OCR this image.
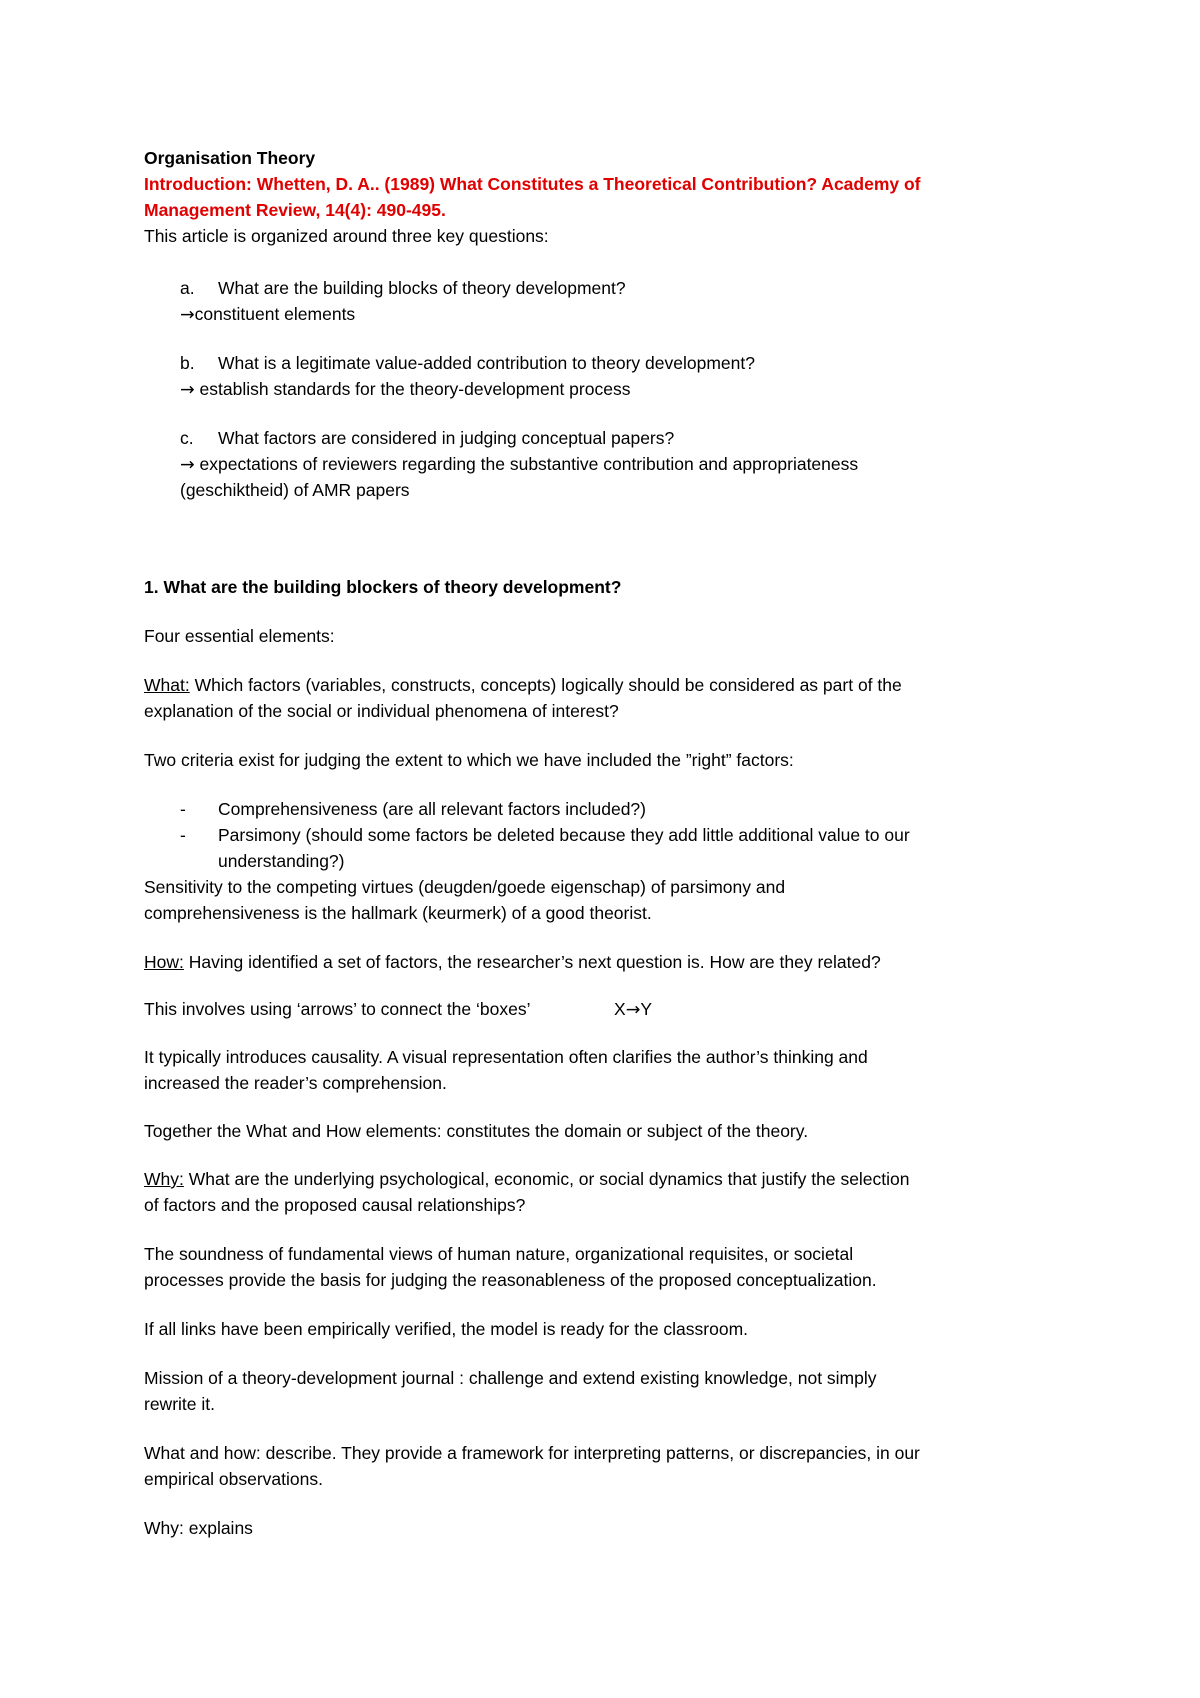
Organisation Theory
Introduction: Whetten, D. A.. (1989) What Constitutes a Theoretical Contribution? Academy of
Management Review, 14(4): 490-495.
This article is organized around three key questions:
a. What are the building blocks of theory development?
→constituent elements
b. What is a legitimate value-added contribution to theory development?
→ establish standards for the theory-development process
c. What factors are considered in judging conceptual papers?
→ expectations of reviewers regarding the substantive contribution and appropriateness
(geschiktheid) of AMR papers
1. What are the building blockers of theory development?
Four essential elements:
What: Which factors (variables, constructs, concepts) logically should be considered as part of the
explanation of the social or individual phenomena of interest?
Two criteria exist for judging the extent to which we have included the ”right” factors:
- Comprehensiveness (are all relevant factors included?)
- Parsimony (should some factors be deleted because they add little additional value to our
understanding?)
Sensitivity to the competing virtues (deugden/goede eigenschap) of parsimony and
comprehensiveness is the hallmark (keurmerk) of a good theorist.
How: Having identified a set of factors, the researcher’s next question is. How are they related?
This involves using ‘arrows’ to connect the ‘boxes’	X→Y
It typically introduces causality. A visual representation often clarifies the author’s thinking and
increased the reader’s comprehension.
Together the What and How elements: constitutes the domain or subject of the theory.
Why: What are the underlying psychological, economic, or social dynamics that justify the selection
of factors and the proposed causal relationships?
The soundness of fundamental views of human nature, organizational requisites, or societal
processes provide the basis for judging the reasonableness of the proposed conceptualization.
If all links have been empirically verified, the model is ready for the classroom.
Mission of a theory-development journal : challenge and extend existing knowledge, not simply
rewrite it.
What and how: describe. They provide a framework for interpreting patterns, or discrepancies, in our
empirical observations.
Why: explains
